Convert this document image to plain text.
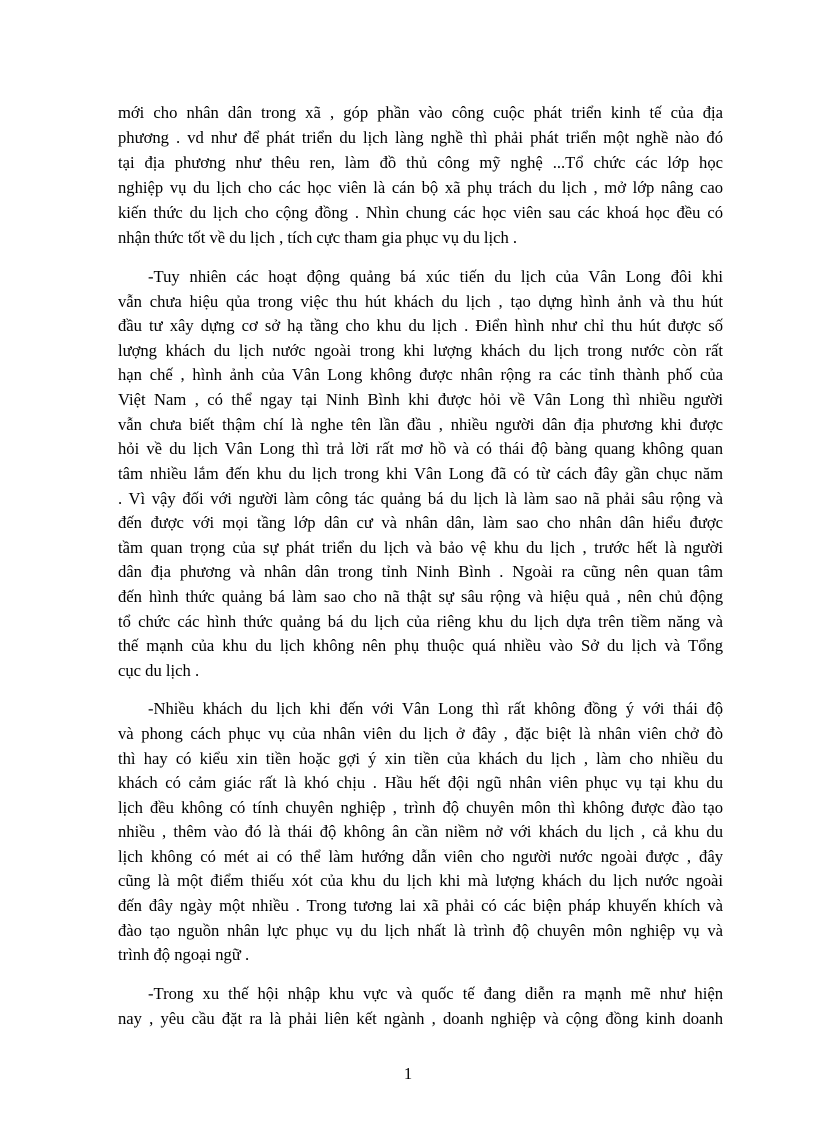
mới cho nhân dân trong xã , góp phần vào công cuộc phát triển kinh tế của địa
phương . vd như để phát triển du lịch làng nghề thì phải phát triển một nghề nào đó
tại địa phương như thêu ren, làm đồ thủ công mỹ nghệ ...Tổ chức các lớp học
nghiệp vụ du lịch cho các học viên là cán bộ xã phụ trách du lịch , mở lớp nâng cao
kiến thức du lịch cho cộng đồng . Nhìn chung các học viên sau các khoá học đều có
nhận thức tốt về du lịch , tích cực tham gia phục vụ du lịch .
-Tuy nhiên các hoạt động quảng bá xúc tiến du lịch của Vân Long đôi khi
vẫn chưa hiệu qủa trong việc thu hút khách du lịch , tạo dựng hình ảnh và thu hút
đầu tư xây dựng cơ sở hạ tầng cho khu du lịch . Điển hình như chỉ thu hút được số
lượng khách du lịch nước ngoài trong khi lượng khách du lịch trong nước còn rất
hạn chế , hình ảnh của Vân Long không được nhân rộng ra các tỉnh thành phố của
Việt Nam , có thể ngay tại Ninh Bình khi được hỏi về Vân Long thì nhiều người
vẫn chưa biết thậm chí là nghe tên lần đầu , nhiều người dân địa phương khi được
hỏi về du lịch Vân Long thì trả lời rất mơ hồ và có thái độ bàng quang không quan
tâm nhiều lắm đến khu du lịch trong khi Vân Long đã có từ cách đây gần chục năm
. Vì vậy đối với người làm công tác quảng bá du lịch là làm sao nã phải sâu rộng và
đến được với mọi tầng lớp dân cư và nhân dân, làm sao cho nhân dân hiểu được
tầm quan trọng của sự phát triển du lịch và bảo vệ khu du lịch , trước hết là người
dân địa phương và nhân dân trong tỉnh Ninh Bình . Ngoài ra cũng nên quan tâm
đến hình thức quảng bá làm sao cho nã thật sự sâu rộng và hiệu quả , nên chủ động
tổ chức các hình thức quảng bá du lịch của riêng khu du lịch dựa trên tiềm năng và
thế mạnh của khu du lịch không nên phụ thuộc quá nhiều vào Sở du lịch và Tổng
cục du lịch .
-Nhiều khách du lịch khi đến với Vân Long thì rất không đồng ý với thái độ
và phong cách phục vụ của nhân viên du lịch ở đây , đặc biệt là nhân viên chở đò
thì hay có kiểu xin tiền hoặc gợi ý xin tiền của khách du lịch , làm cho nhiều du
khách có cảm giác rất là khó chịu . Hầu hết đội ngũ nhân viên phục vụ tại khu du
lịch đều không có tính chuyên nghiệp , trình độ chuyên môn thì không được đào tạo
nhiều , thêm vào đó là thái độ không ân cần niềm nở với khách du lịch , cả khu du
lịch không có mét ai có thể làm hướng dẫn viên cho người nước ngoài được , đây
cũng là một điểm thiếu xót của khu du lịch khi mà lượng khách du lịch nước ngoài
đến đây ngày một nhiều . Trong tương lai xã phải có các biện pháp khuyến khích và
đào tạo nguồn nhân lực phục vụ du lịch nhất là trình độ chuyên môn nghiệp vụ và
trình độ ngoại ngữ .
-Trong xu thế hội nhập khu vực và quốc tế đang diễn ra mạnh mẽ như hiện
nay , yêu cầu đặt ra là phải liên kết ngành , doanh nghiệp và cộng đồng kinh doanh
1
